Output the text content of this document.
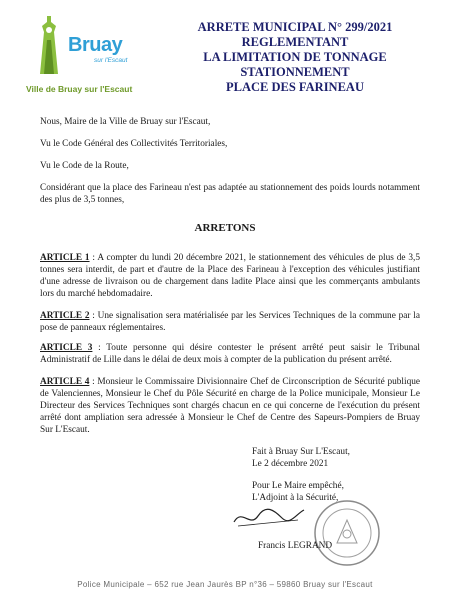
Bruay
sur l'Escaut
Ville de Bruay sur l'Escaut
ARRETE MUNICIPAL N° 299/2021
REGLEMENTANT
LA LIMITATION DE TONNAGE
STATIONNEMENT
PLACE DES FARINEAU
Nous, Maire de la Ville de Bruay sur l'Escaut,
Vu le Code Général des Collectivités Territoriales,
Vu le Code de la Route,
Considérant que la place des Farineau n'est pas adaptée au stationnement des poids lourds notamment des plus de 3,5 tonnes,
ARRETONS
ARTICLE 1 : A compter du lundi 20 décembre 2021, le stationnement des véhicules de plus de 3,5 tonnes sera interdit, de part et d'autre de la Place des Farineau à l'exception des véhicules justifiant d'une adresse de livraison ou de chargement dans ladite Place ainsi que les commerçants ambulants lors du marché hebdomadaire.
ARTICLE 2 : Une signalisation sera matérialisée par les Services Techniques de la commune par la pose de panneaux réglementaires.
ARTICLE 3 : Toute personne qui désire contester le présent arrêté peut saisir le Tribunal Administratif de Lille dans le délai de deux mois à compter de la publication du présent arrêté.
ARTICLE 4 : Monsieur le Commissaire Divisionnaire Chef de Circonscription de Sécurité publique de Valenciennes, Monsieur le Chef du Pôle Sécurité en charge de la Police municipale, Monsieur Le Directeur des Services Techniques sont chargés chacun en ce qui concerne de l'exécution du présent arrêté dont ampliation sera adressée à Monsieur le Chef de Centre des Sapeurs-Pompiers de Bruay Sur L'Escaut.
Fait à Bruay Sur L'Escaut,
Le 2 décembre 2021
Pour Le Maire empêché,
L'Adjoint à la Sécurité,
Francis LEGRAND
Police Municipale – 652 rue Jean Jaurès BP n°36 – 59860 Bruay sur l'Escaut
